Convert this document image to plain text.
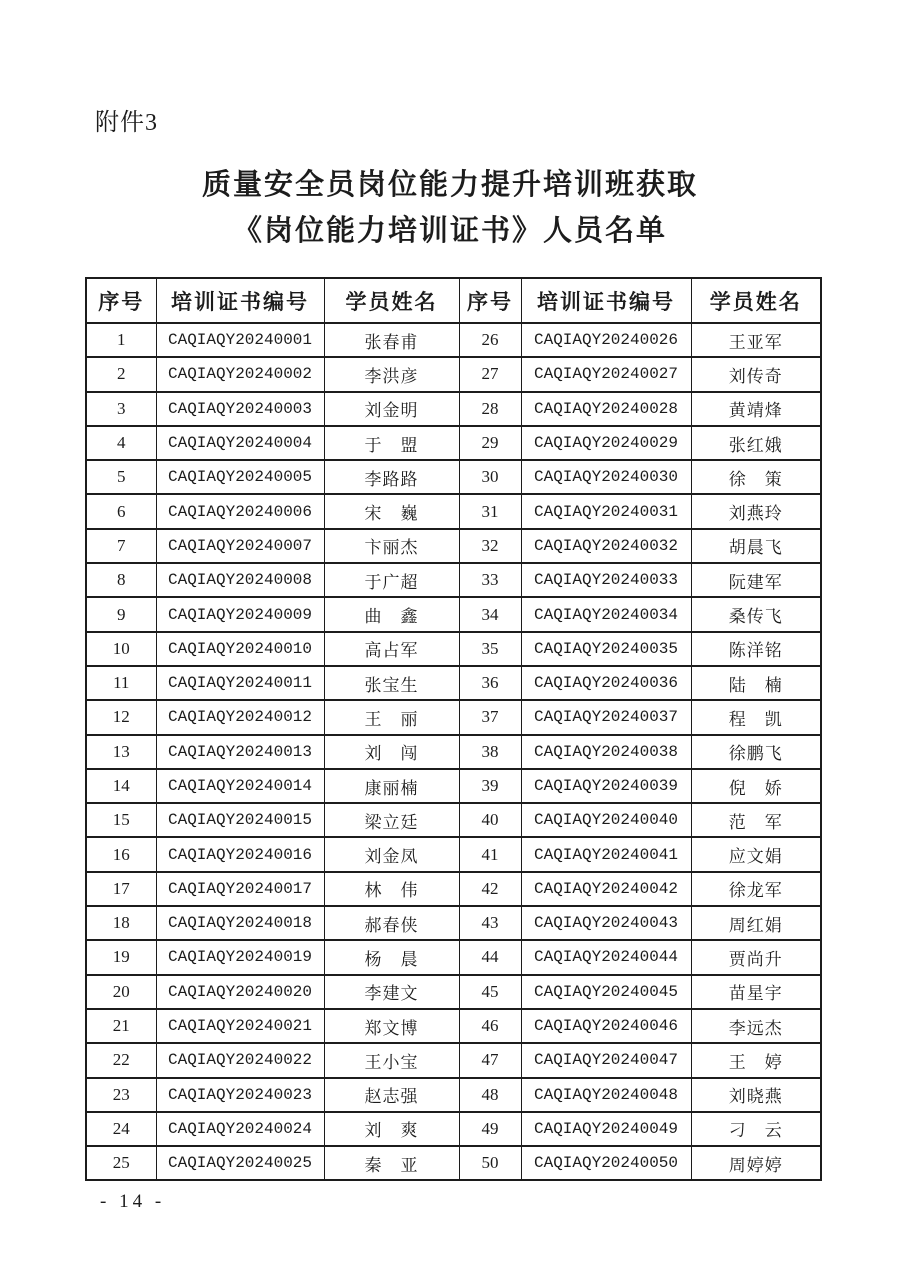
附件3
质量安全员岗位能力提升培训班获取
《岗位能力培训证书》人员名单
序号	培训证书编号	学员姓名	序号	培训证书编号	学员姓名
1	CAQIAQY20240001	张春甫	26	CAQIAQY20240026	王亚军
2	CAQIAQY20240002	李洪彦	27	CAQIAQY20240027	刘传奇
3	CAQIAQY20240003	刘金明	28	CAQIAQY20240028	黄靖烽
4	CAQIAQY20240004	于　盟	29	CAQIAQY20240029	张红娥
5	CAQIAQY20240005	李路路	30	CAQIAQY20240030	徐　策
6	CAQIAQY20240006	宋　巍	31	CAQIAQY20240031	刘燕玲
7	CAQIAQY20240007	卞丽杰	32	CAQIAQY20240032	胡晨飞
8	CAQIAQY20240008	于广超	33	CAQIAQY20240033	阮建军
9	CAQIAQY20240009	曲　鑫	34	CAQIAQY20240034	桑传飞
10	CAQIAQY20240010	高占军	35	CAQIAQY20240035	陈洋铭
11	CAQIAQY20240011	张宝生	36	CAQIAQY20240036	陆　楠
12	CAQIAQY20240012	王　丽	37	CAQIAQY20240037	程　凯
13	CAQIAQY20240013	刘　闯	38	CAQIAQY20240038	徐鹏飞
14	CAQIAQY20240014	康丽楠	39	CAQIAQY20240039	倪　娇
15	CAQIAQY20240015	梁立廷	40	CAQIAQY20240040	范　军
16	CAQIAQY20240016	刘金凤	41	CAQIAQY20240041	应文娟
17	CAQIAQY20240017	林　伟	42	CAQIAQY20240042	徐龙军
18	CAQIAQY20240018	郝春侠	43	CAQIAQY20240043	周红娟
19	CAQIAQY20240019	杨　晨	44	CAQIAQY20240044	贾尚升
20	CAQIAQY20240020	李建文	45	CAQIAQY20240045	苗星宇
21	CAQIAQY20240021	郑文博	46	CAQIAQY20240046	李远杰
22	CAQIAQY20240022	王小宝	47	CAQIAQY20240047	王　婷
23	CAQIAQY20240023	赵志强	48	CAQIAQY20240048	刘晓燕
24	CAQIAQY20240024	刘　爽	49	CAQIAQY20240049	刁　云
25	CAQIAQY20240025	秦　亚	50	CAQIAQY20240050	周婷婷
- 14 -
